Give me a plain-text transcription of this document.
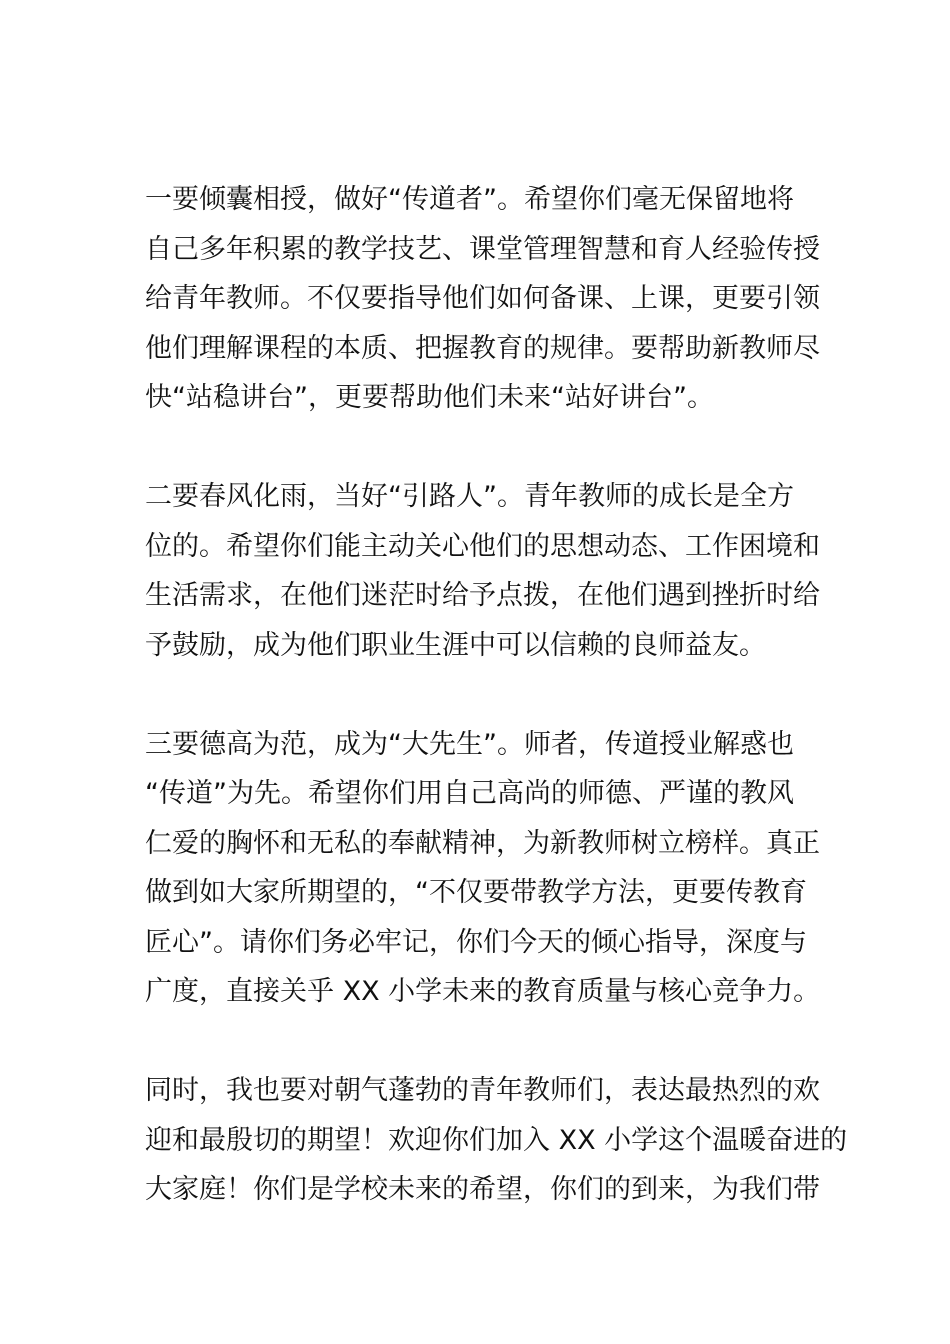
一要倾囊相授，做好“传道者”。希望你们毫无保留地将
自己多年积累的教学技艺、课堂管理智慧和育人经验传授
给青年教师。不仅要指导他们如何备课、上课，更要引领
他们理解课程的本质、把握教育的规律。要帮助新教师尽
快“站稳讲台”，更要帮助他们未来“站好讲台”。

二要春风化雨，当好“引路人”。青年教师的成长是全方
位的。希望你们能主动关心他们的思想动态、工作困境和
生活需求，在他们迷茫时给予点拨，在他们遇到挫折时给
予鼓励，成为他们职业生涯中可以信赖的良师益友。

三要德高为范，成为“大先生”。师者，传道授业解惑也
“传道”为先。希望你们用自己高尚的师德、严谨的教风
仁爱的胸怀和无私的奉献精神，为新教师树立榜样。真正
做到如大家所期望的，“不仅要带教学方法，更要传教育
匠心”。请你们务必牢记，你们今天的倾心指导，深度与
广度，直接关乎 XX 小学未来的教育质量与核心竞争力。

同时，我也要对朝气蓬勃的青年教师们，表达最热烈的欢
迎和最殷切的期望！欢迎你们加入 XX 小学这个温暖奋进的
大家庭！你们是学校未来的希望，你们的到来，为我们带
